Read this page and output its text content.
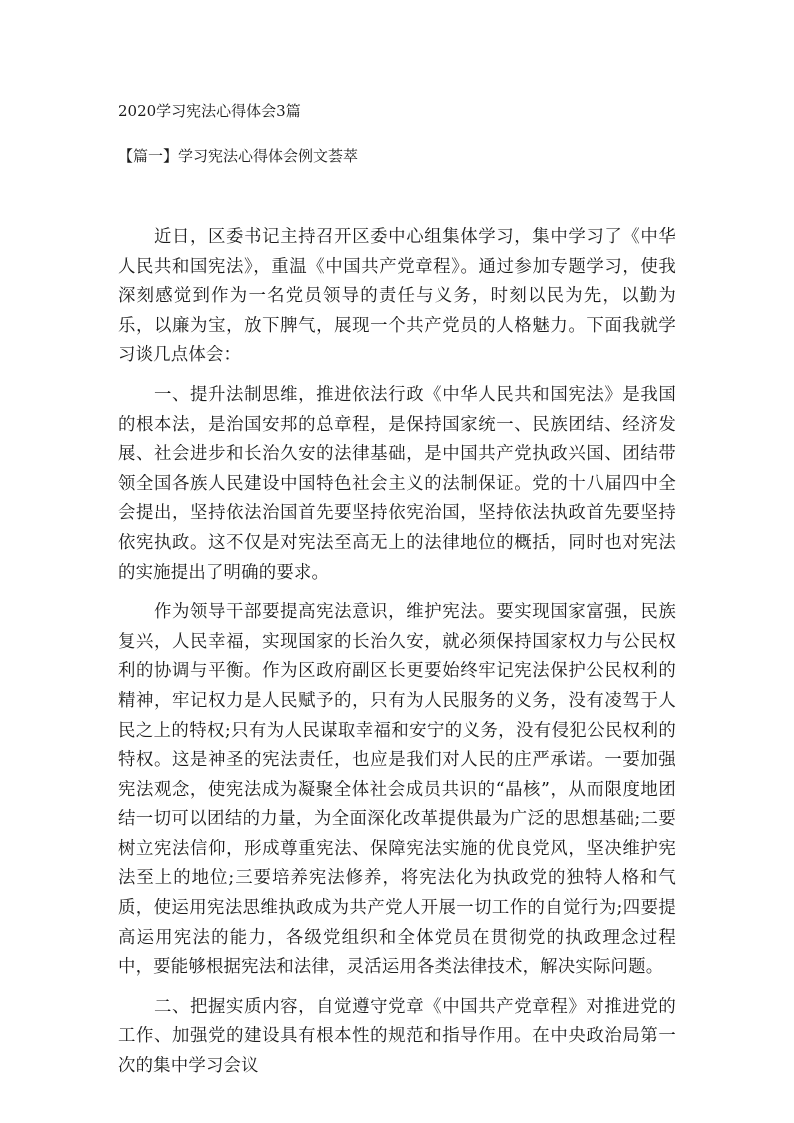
2020学习宪法心得体会3篇
【篇一】学习宪法心得体会例文荟萃

近日，区委书记主持召开区委中心组集体学习，集中学习了《中华人民共和国宪法》，重温《中国共产党章程》。通过参加专题学习，使我深刻感觉到作为一名党员领导的责任与义务，时刻以民为先，以勤为乐，以廉为宝，放下脾气，展现一个共产党员的人格魅力。下面我就学习谈几点体会：

一、提升法制思维，推进依法行政《中华人民共和国宪法》是我国的根本法，是治国安邦的总章程，是保持国家统一、民族团结、经济发展、社会进步和长治久安的法律基础，是中国共产党执政兴国、团结带领全国各族人民建设中国特色社会主义的法制保证。党的十八届四中全会提出，坚持依法治国首先要坚持依宪治国，坚持依法执政首先要坚持依宪执政。这不仅是对宪法至高无上的法律地位的概括，同时也对宪法的实施提出了明确的要求。

作为领导干部要提高宪法意识，维护宪法。要实现国家富强，民族复兴，人民幸福，实现国家的长治久安，就必须保持国家权力与公民权利的协调与平衡。作为区政府副区长更要始终牢记宪法保护公民权利的精神，牢记权力是人民赋予的，只有为人民服务的义务，没有凌驾于人民之上的特权;只有为人民谋取幸福和安宁的义务，没有侵犯公民权利的特权。这是神圣的宪法责任，也应是我们对人民的庄严承诺。一要加强宪法观念，使宪法成为凝聚全体社会成员共识的“晶核”，从而限度地团结一切可以团结的力量，为全面深化改革提供最为广泛的思想基础;二要树立宪法信仰，形成尊重宪法、保障宪法实施的优良党风，坚决维护宪法至上的地位;三要培养宪法修养，将宪法化为执政党的独特人格和气质，使运用宪法思维执政成为共产党人开展一切工作的自觉行为;四要提高运用宪法的能力，各级党组织和全体党员在贯彻党的执政理念过程中，要能够根据宪法和法律，灵活运用各类法律技术，解决实际问题。

二、把握实质内容，自觉遵守党章《中国共产党章程》对推进党的工作、加强党的建设具有根本性的规范和指导作用。在中央政治局第一次的集中学习会议
